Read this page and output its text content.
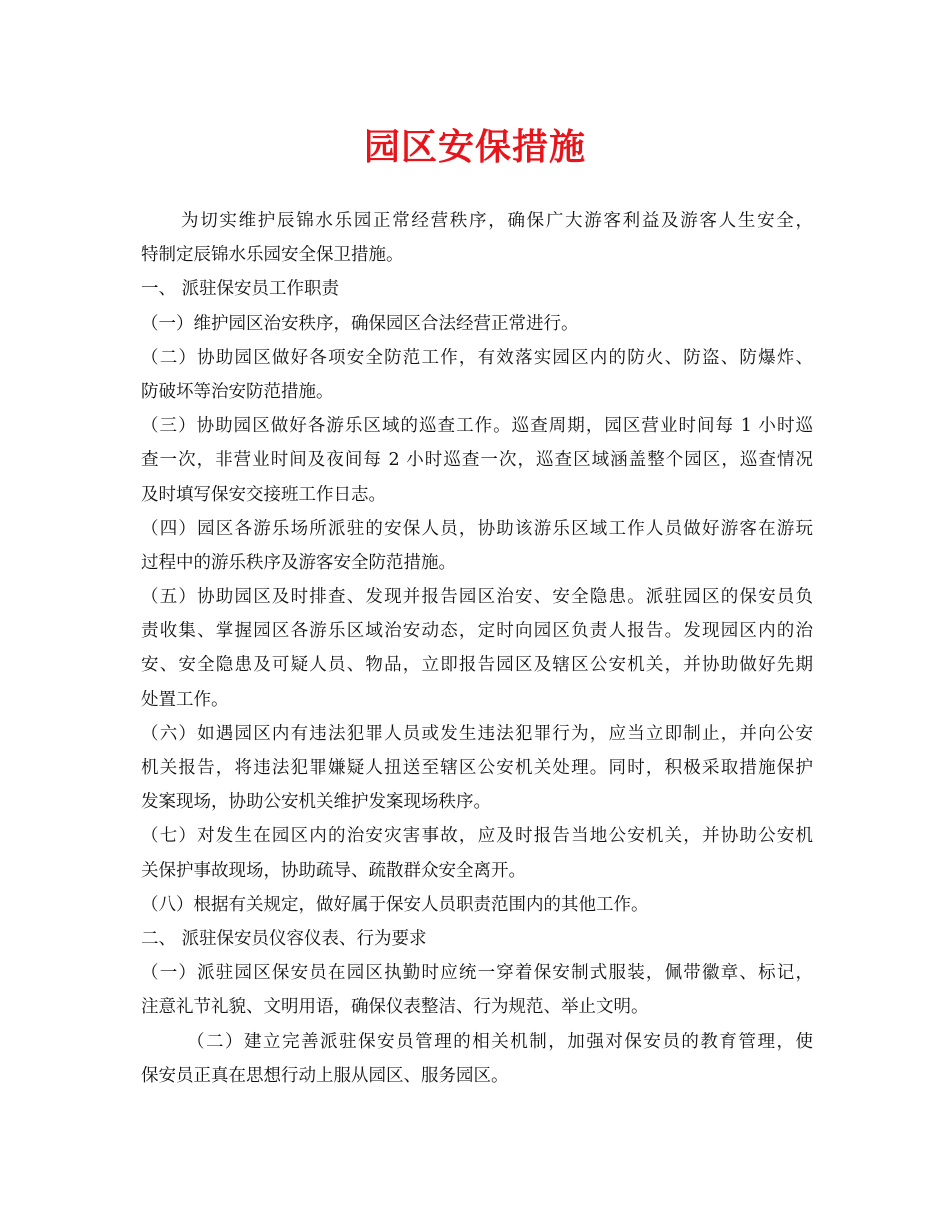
园区安保措施
为切实维护辰锦水乐园正常经营秩序，确保广大游客利益及游客人生安全，
特制定辰锦水乐园安全保卫措施。
一、 派驻保安员工作职责
（一）维护园区治安秩序，确保园区合法经营正常进行。
（二）协助园区做好各项安全防范工作，有效落实园区内的防火、防盗、防爆炸、
防破坏等治安防范措施。
（三）协助园区做好各游乐区域的巡查工作。巡查周期，园区营业时间每 1 小时巡
查一次，非营业时间及夜间每 2 小时巡查一次，巡查区域涵盖整个园区，巡查情况
及时填写保安交接班工作日志。
（四）园区各游乐场所派驻的安保人员，协助该游乐区域工作人员做好游客在游玩
过程中的游乐秩序及游客安全防范措施。
（五）协助园区及时排查、发现并报告园区治安、安全隐患。派驻园区的保安员负
责收集、掌握园区各游乐区域治安动态，定时向园区负责人报告。发现园区内的治
安、安全隐患及可疑人员、物品，立即报告园区及辖区公安机关，并协助做好先期
处置工作。
（六）如遇园区内有违法犯罪人员或发生违法犯罪行为，应当立即制止，并向公安
机关报告，将违法犯罪嫌疑人扭送至辖区公安机关处理。同时，积极采取措施保护
发案现场，协助公安机关维护发案现场秩序。
（七）对发生在园区内的治安灾害事故，应及时报告当地公安机关，并协助公安机
关保护事故现场，协助疏导、疏散群众安全离开。
（八）根据有关规定，做好属于保安人员职责范围内的其他工作。
二、 派驻保安员仪容仪表、行为要求
（一）派驻园区保安员在园区执勤时应统一穿着保安制式服装，佩带徽章、标记，
注意礼节礼貌、文明用语，确保仪表整洁、行为规范、举止文明。
（二）建立完善派驻保安员管理的相关机制，加强对保安员的教育管理，使
保安员正真在思想行动上服从园区、服务园区。
